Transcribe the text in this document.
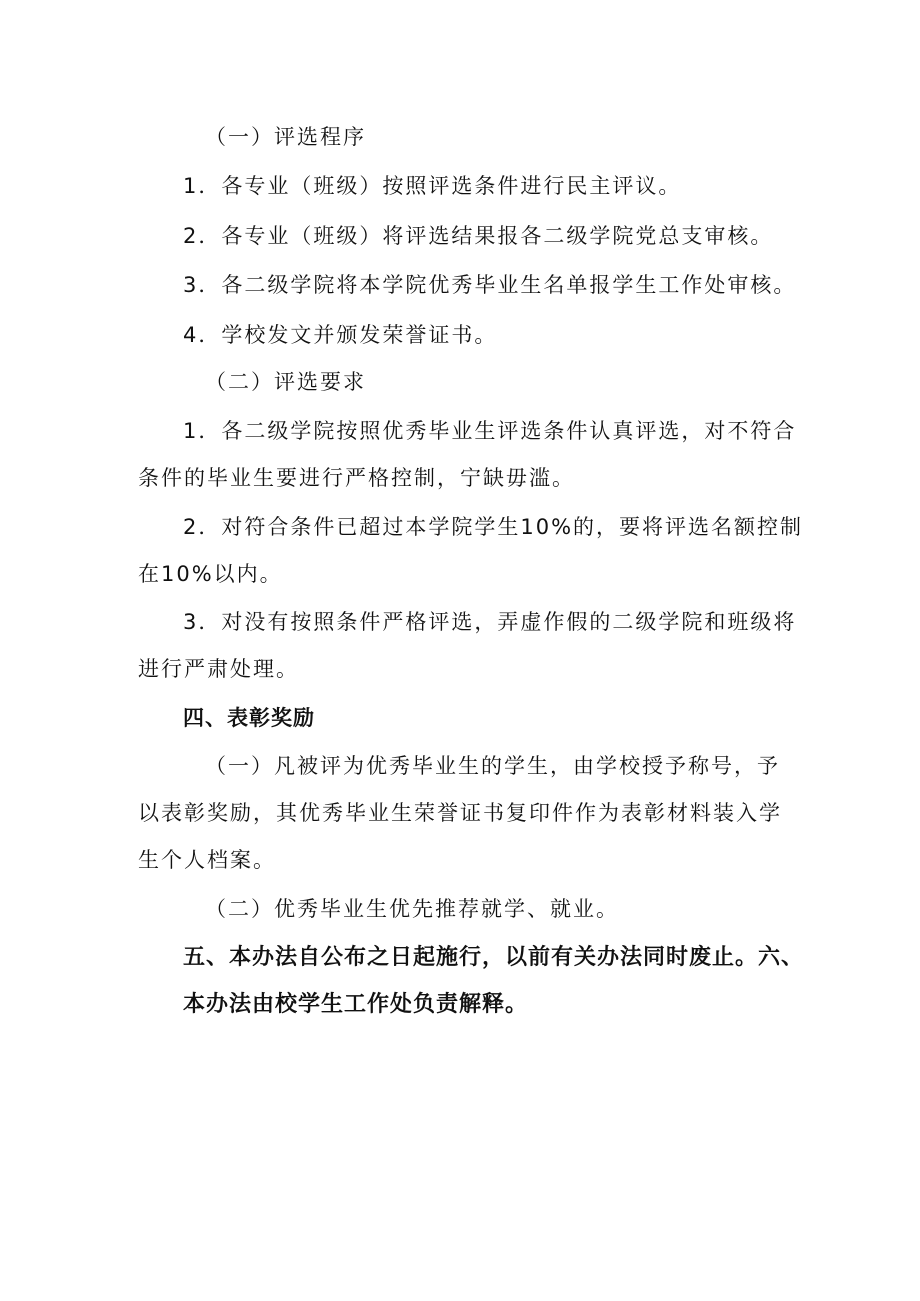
（一）评选程序

1．各专业（班级）按照评选条件进行民主评议。

2．各专业（班级）将评选结果报各二级学院党总支审核。

3．各二级学院将本学院优秀毕业生名单报学生工作处审核。

4．学校发文并颁发荣誉证书。

（二）评选要求

1．各二级学院按照优秀毕业生评选条件认真评选，对不符合

条件的毕业生要进行严格控制，宁缺毋滥。

2．对符合条件已超过本学院学生10%的，要将评选名额控制

在10%以内。

3．对没有按照条件严格评选，弄虚作假的二级学院和班级将

进行严肃处理。

四、表彰奖励

（一）凡被评为优秀毕业生的学生，由学校授予称号，予

以表彰奖励，其优秀毕业生荣誉证书复印件作为表彰材料装入学

生个人档案。

（二）优秀毕业生优先推荐就学、就业。

五、本办法自公布之日起施行，以前有关办法同时废止。六、

本办法由校学生工作处负责解释。
